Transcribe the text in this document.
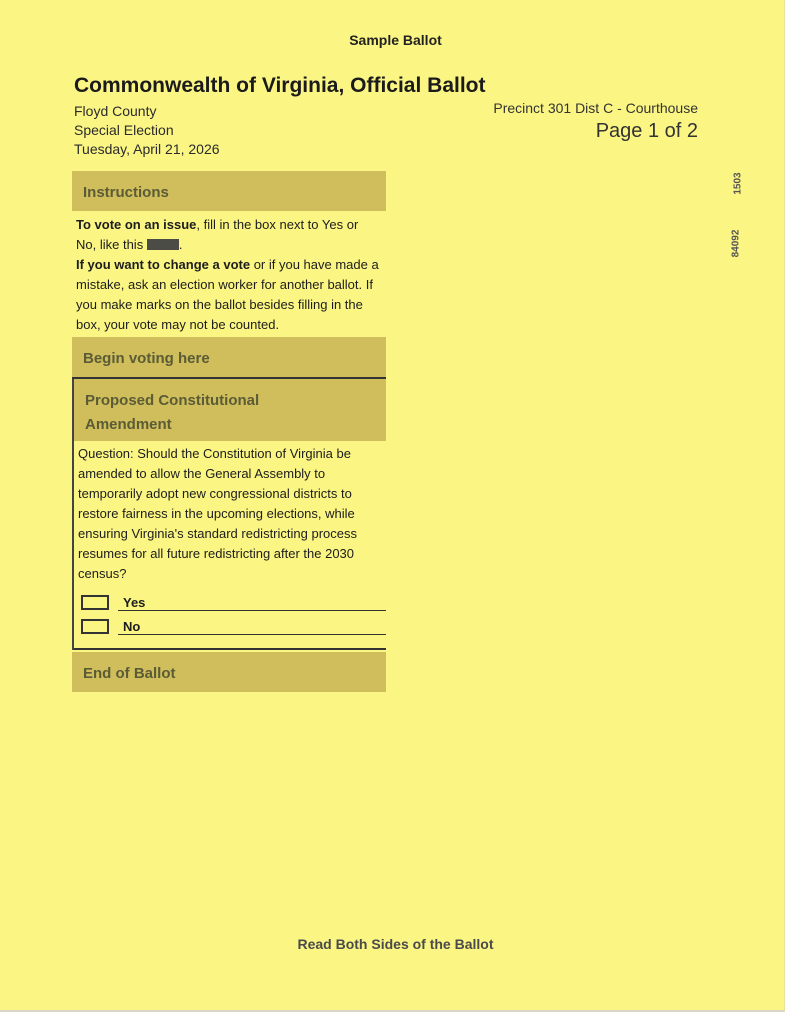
Sample Ballot
Commonwealth of Virginia, Official Ballot
Floyd County
Special Election
Tuesday, April 21, 2026
Precinct 301 Dist C - Courthouse
Page 1 of 2
1503
84092
Instructions
To vote on an issue, fill in the box next to Yes or No, like this	.
If you want to change a vote or if you have made a mistake, ask an election worker for another ballot. If you make marks on the ballot besides filling in the box, your vote may not be counted.
Begin voting here
Proposed Constitutional
Amendment
Question: Should the Constitution of Virginia be amended to allow the General Assembly to temporarily adopt new congressional districts to restore fairness in the upcoming elections, while ensuring Virginia's standard redistricting process resumes for all future redistricting after the 2030 census?
Yes
No
End of Ballot
Read Both Sides of the Ballot
